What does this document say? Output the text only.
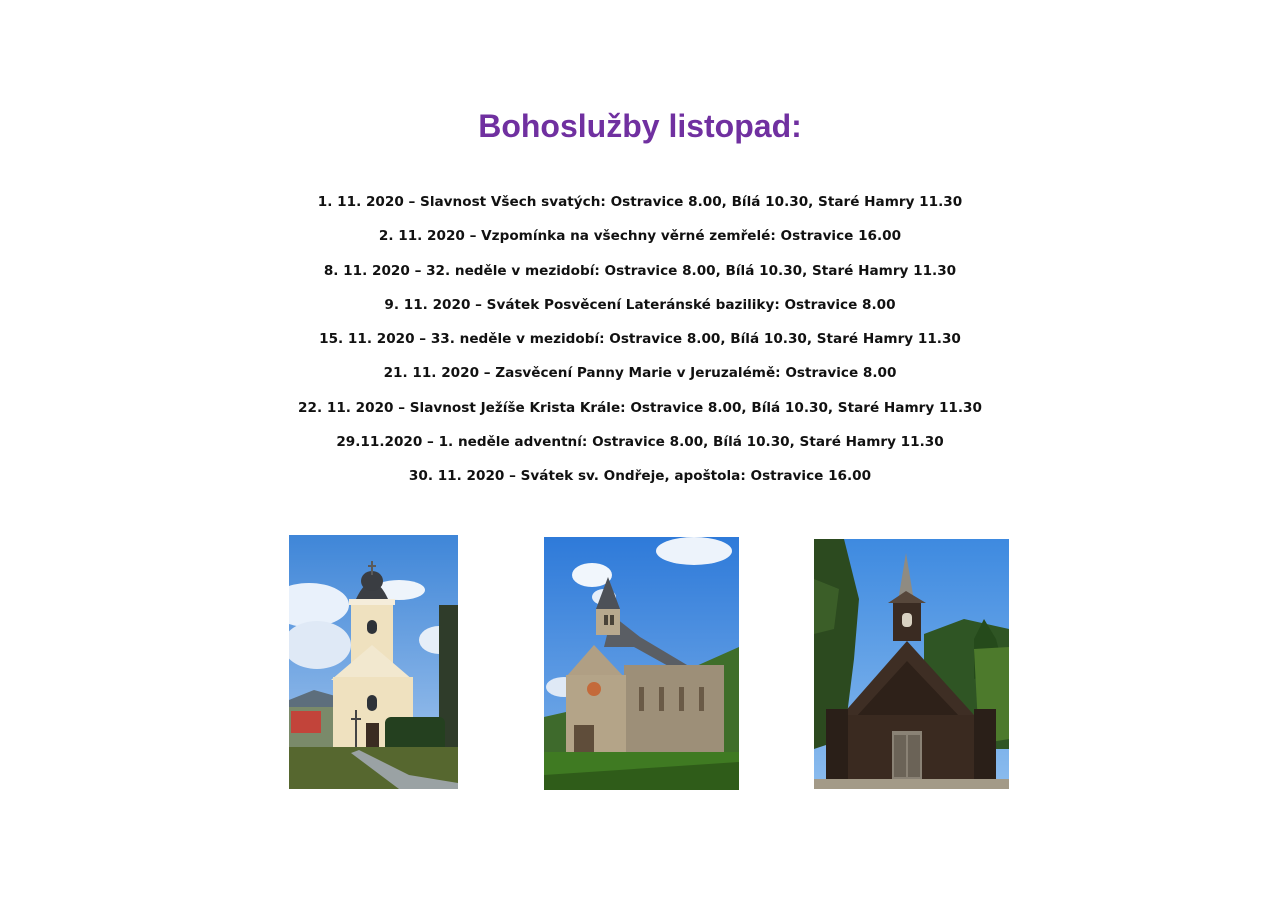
Bohoslužby listopad:
1. 11. 2020 – Slavnost Všech svatých: Ostravice 8.00, Bílá 10.30, Staré Hamry 11.30
2. 11. 2020 – Vzpomínka na všechny věrné zemřelé: Ostravice 16.00
8. 11. 2020 – 32. neděle v mezidobí: Ostravice 8.00, Bílá 10.30, Staré Hamry 11.30
9. 11. 2020 – Svátek Posvěcení Lateránské baziliky: Ostravice 8.00
15. 11. 2020 – 33. neděle v mezidobí: Ostravice 8.00, Bílá 10.30, Staré Hamry 11.30
21. 11. 2020 – Zasvěcení Panny Marie v Jeruzalémě: Ostravice 8.00
22. 11. 2020 – Slavnost Ježíše Krista Krále: Ostravice 8.00, Bílá 10.30, Staré Hamry 11.30
29.11.2020 – 1. neděle adventní: Ostravice 8.00, Bílá 10.30, Staré Hamry 11.30
30. 11. 2020 – Svátek sv. Ondřeje, apoštola: Ostravice 16.00
